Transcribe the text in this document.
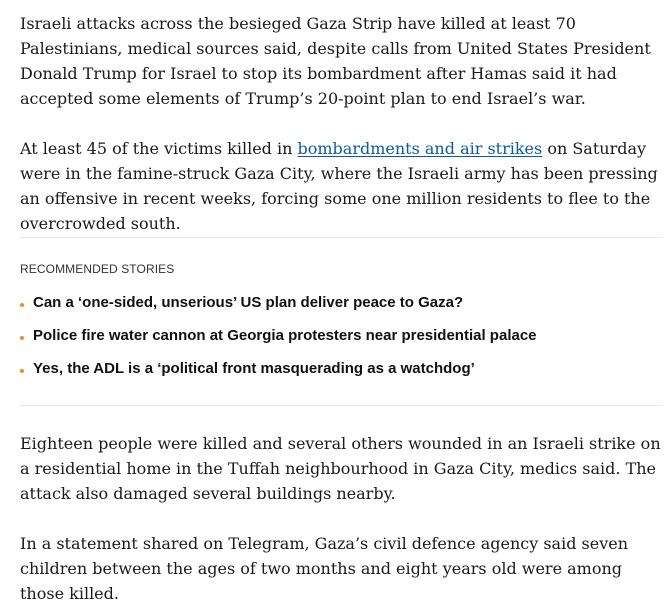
Israeli attacks across the besieged Gaza Strip have killed at least 70 Palestinians, medical sources said, despite calls from United States President Donald Trump for Israel to stop its bombardment after Hamas said it had accepted some elements of Trump’s 20-point plan to end Israel’s war.

At least 45 of the victims killed in bombardments and air strikes on Saturday were in the famine-struck Gaza City, where the Israeli army has been pressing an offensive in recent weeks, forcing some one million residents to flee to the overcrowded south.

RECOMMENDED STORIES

Can a ‘one-sided, unserious’ US plan deliver peace to Gaza?
Police fire water cannon at Georgia protesters near presidential palace
Yes, the ADL is a ‘political front masquerading as a watchdog’

Eighteen people were killed and several others wounded in an Israeli strike on a residential home in the Tuffah neighbourhood in Gaza City, medics said. The attack also damaged several buildings nearby.

In a statement shared on Telegram, Gaza’s civil defence agency said seven children between the ages of two months and eight years old were among those killed.
